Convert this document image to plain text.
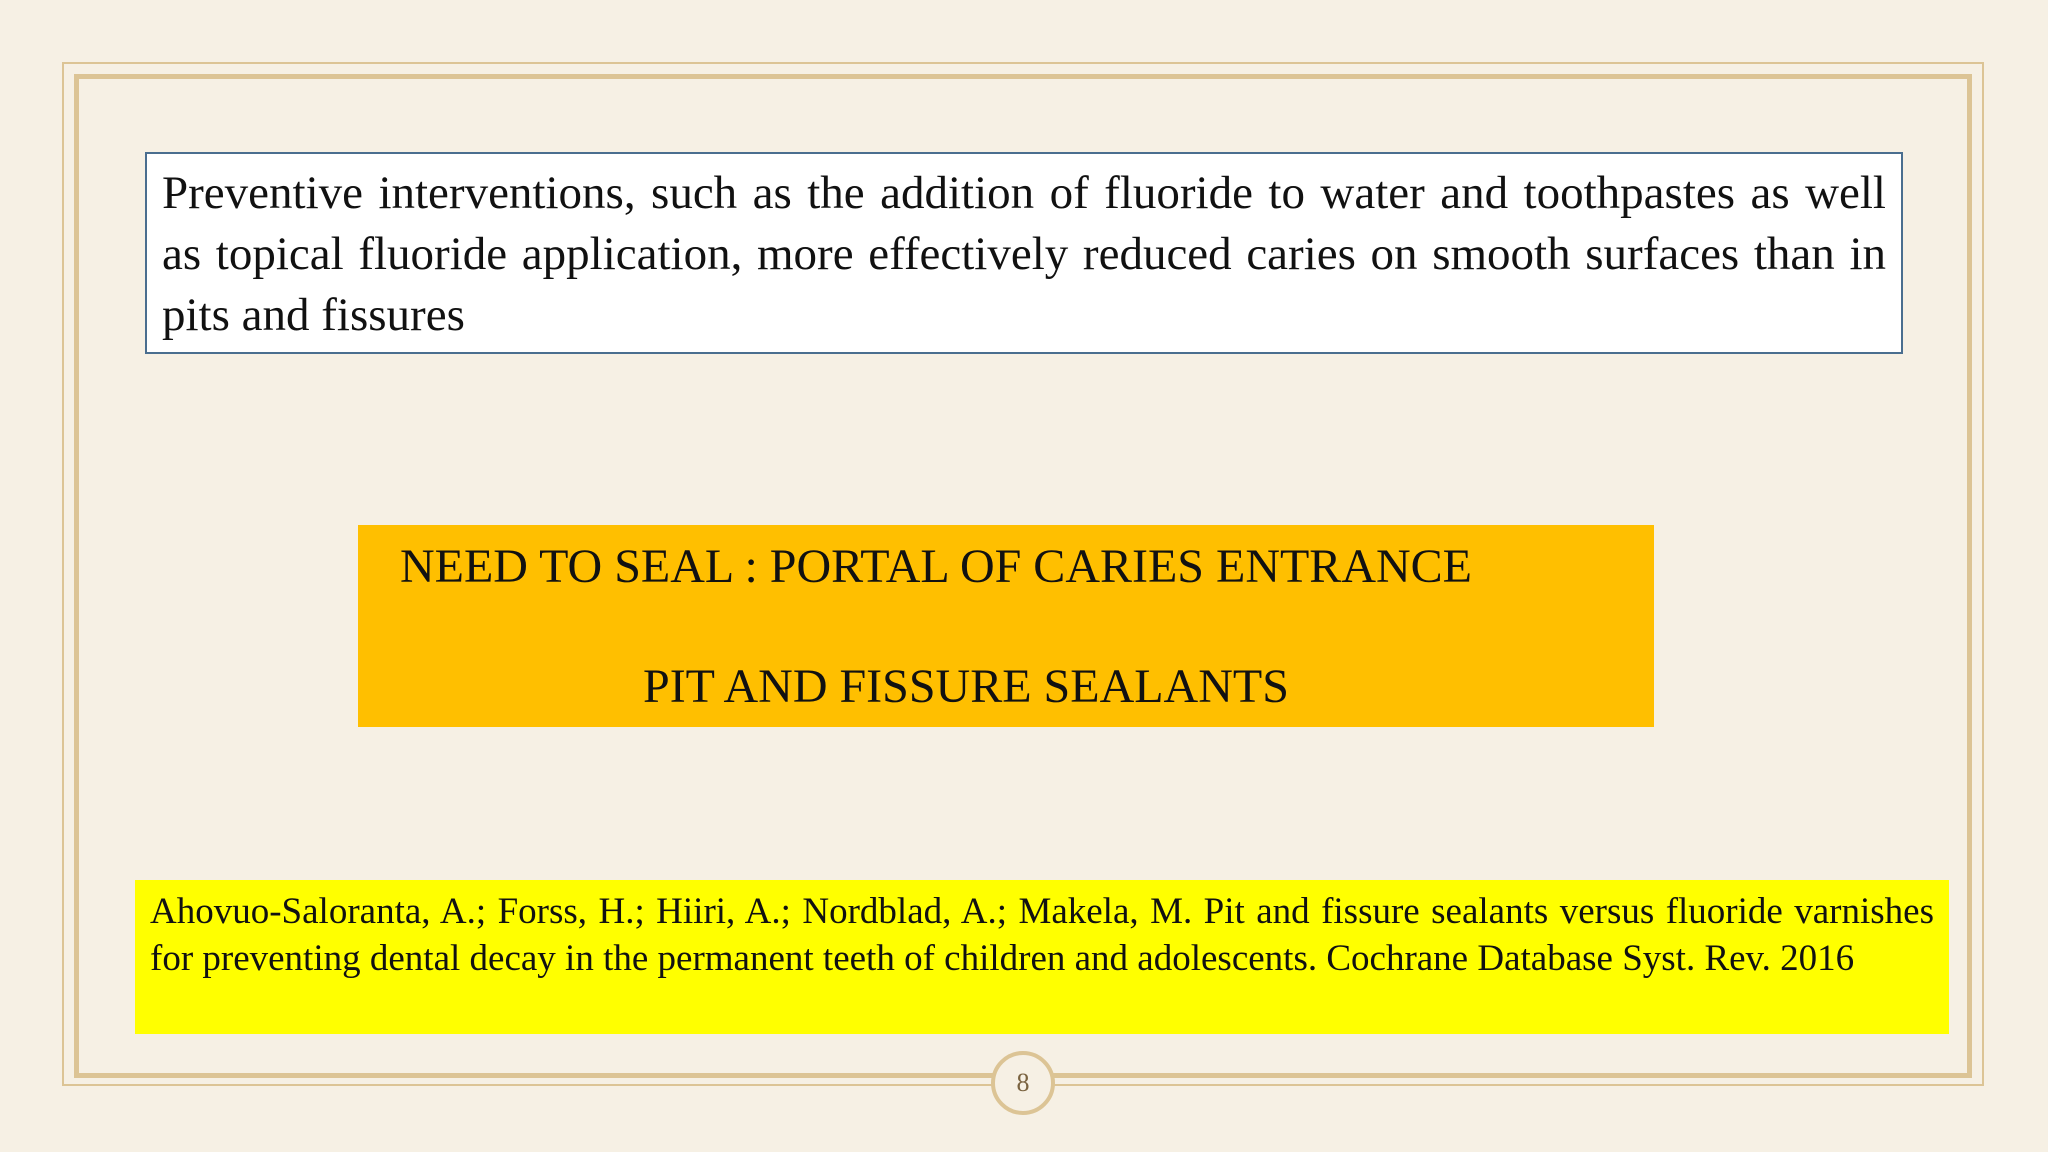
Preventive interventions, such as the addition of fluoride to water and toothpastes as well as topical fluoride application, more effectively reduced caries on smooth surfaces than in pits and fissures
NEED TO SEAL : PORTAL OF CARIES ENTRANCE
PIT AND FISSURE SEALANTS
Ahovuo-Saloranta, A.; Forss, H.; Hiiri, A.; Nordblad, A.; Makela, M. Pit and fissure sealants versus fluoride varnishes for preventing dental decay in the permanent teeth of children and adolescents. Cochrane Database Syst. Rev. 2016
8
